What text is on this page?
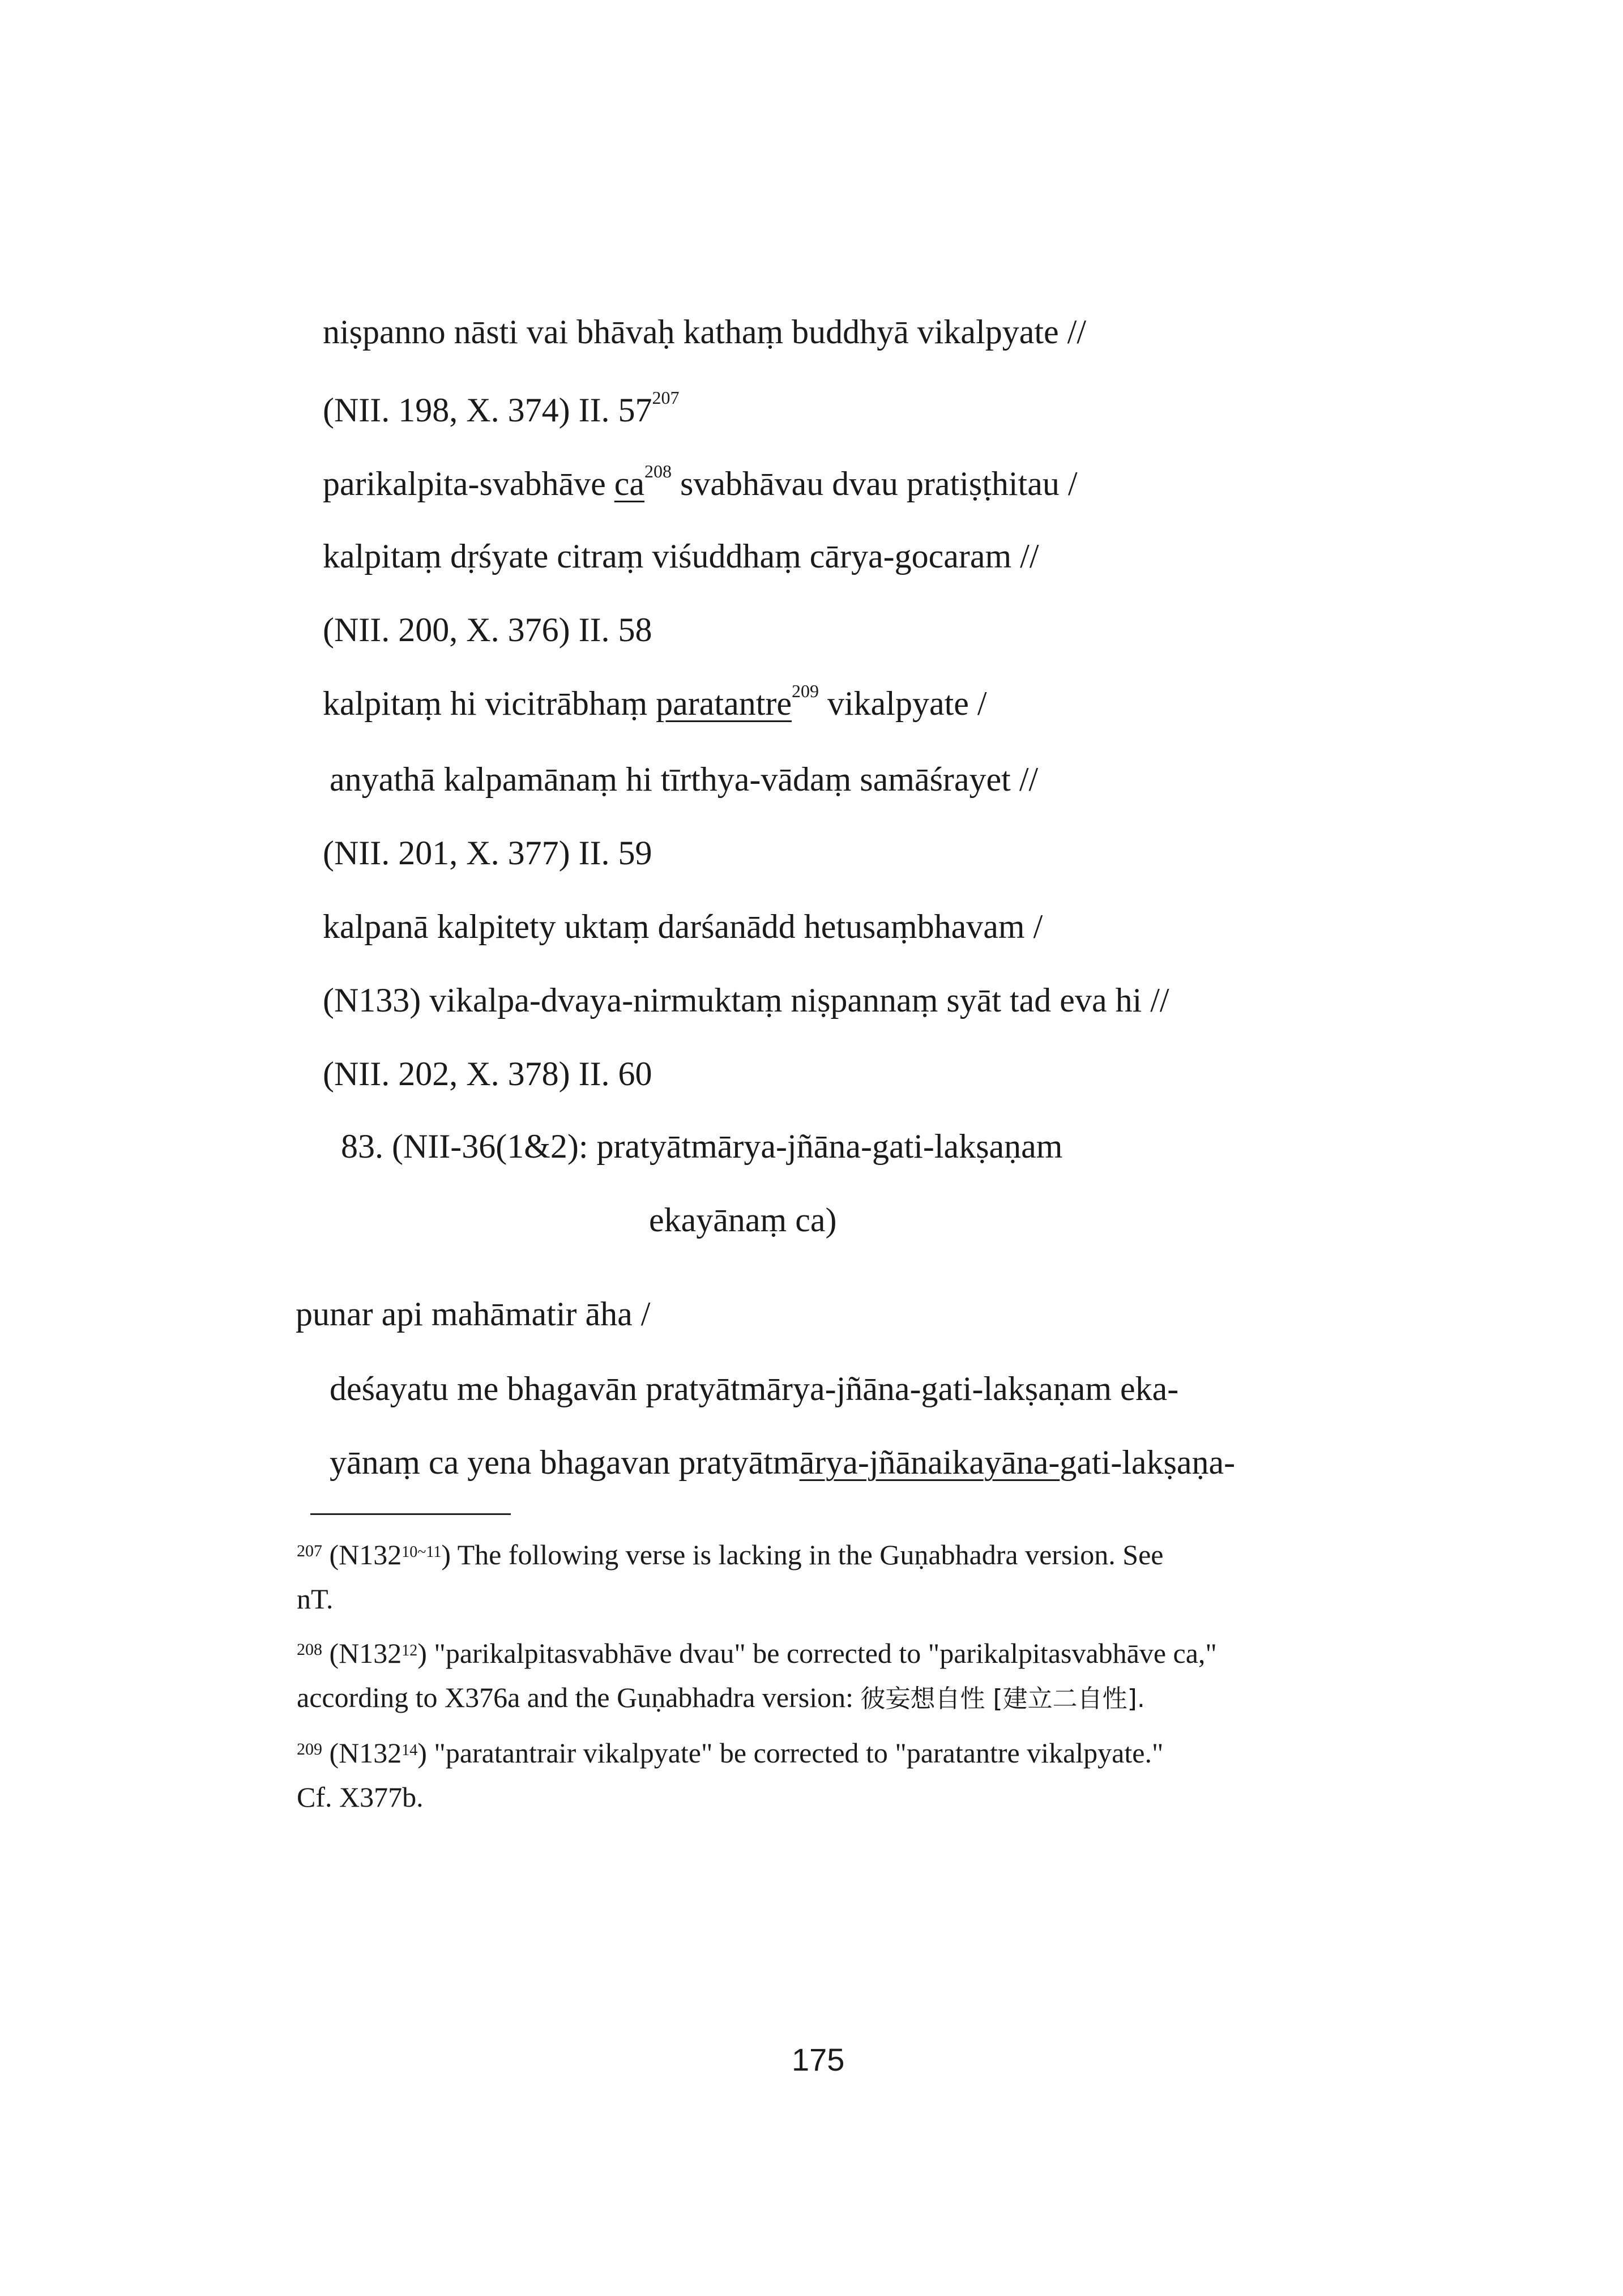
niṣpanno nāsti vai bhāvaḥ kathaṃ buddhyā vikalpyate //
(NII. 198, X. 374) II. $57^{207}$
parikalpita-svabhāve $ca^{208}$ svabhāvau dvau pratiṣṭhitau /
kalpitaṃ dṛśyate citraṃ viśuddhaṃ cārya-gocaram //
(NII. 200, X. 376) II. 58
kalpitaṃ hi vicitrābhaṃ paratantre$^{209}$ vikalpyate /
anyathā kalpamānaṃ hi tīrthya-vādaṃ samāśrayet //
(NII. 201, X. 377) II. 59
kalpanā kalpitety uktaṃ darśanādd hetusaṃbhavam /
(N133) vikalpa-dvaya-nirmuktaṃ niṣpannaṃ syāt tad eva hi //
(NII. 202, X. 378) II. 60
83. (NII-36(1&2): pratyātmārya-jñāna-gati-lakṣaṇam
ekayānaṃ ca)
punar api mahāmatir āha /
deśayatu me bhagavān pratyātmārya-jñāna-gati-lakṣaṇam eka-
yānaṃ ca yena bhagavan pratyātmārya-jñānaikayāna-gati-lakṣaṇa-
$^{207}$ $(N132^{10\sim 11})$ The following verse is lacking in the Guṇabhadra version. See
nT.
$^{208}$ $(N132^{12})$ "parikalpitasvabhāve dvau" be corrected to "parikalpitasvabhāve ca,"
according to X376a and the Guṇabhadra version: 彼妄想自性 [建立二自性].
$^{209}$ $(N132^{14})$ "paratantrair vikalpyate" be corrected to "paratantre vikalpyate."
Cf. X377b.
175
